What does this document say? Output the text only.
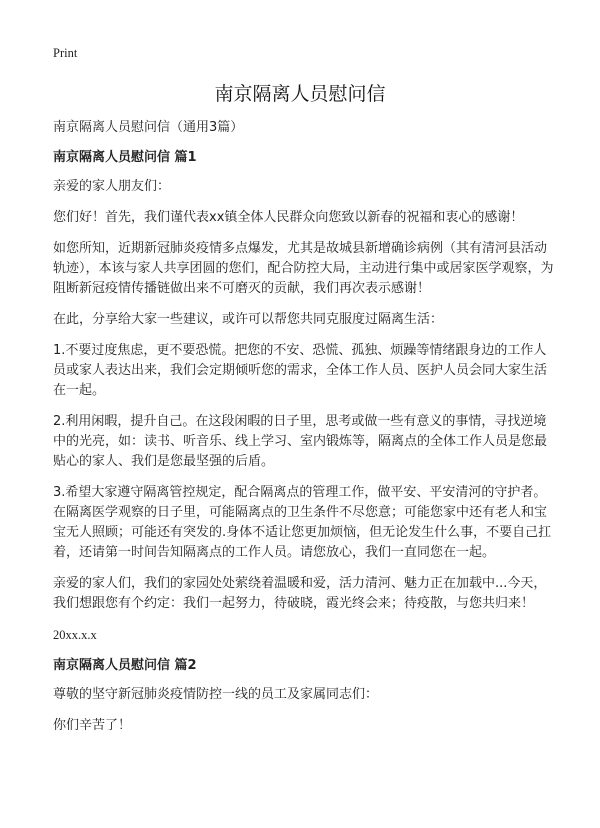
Print
南京隔离人员慰问信

南京隔离人员慰问信（通用3篇）

南京隔离人员慰问信 篇1

亲爱的家人朋友们：

您们好！首先，我们谨代表xx镇全体人民群众向您致以新春的祝福和衷心的感谢！

如您所知，近期新冠肺炎疫情多点爆发，尤其是故城县新增确诊病例（其有清河县活动轨迹），本该与家人共享团圆的您们，配合防控大局，主动进行集中或居家医学观察，为阻断新冠疫情传播链做出来不可磨灭的贡献，我们再次表示感谢！

在此，分享给大家一些建议，或许可以帮您共同克服度过隔离生活：

1.不要过度焦虑，更不要恐慌。把您的不安、恐慌、孤独、烦躁等情绪跟身边的工作人员或家人表达出来，我们会定期倾听您的需求，全体工作人员、医护人员会同大家生活在一起。

2.利用闲暇，提升自己。在这段闲暇的日子里，思考或做一些有意义的事情，寻找逆境中的光亮，如：读书、听音乐、线上学习、室内锻炼等，隔离点的全体工作人员是您最贴心的家人、我们是您最坚强的后盾。

3.希望大家遵守隔离管控规定，配合隔离点的管理工作，做平安、平安清河的守护者。在隔离医学观察的日子里，可能隔离点的卫生条件不尽您意；可能您家中还有老人和宝宝无人照顾；可能还有突发的.身体不适让您更加烦恼，但无论发生什么事，不要自己扛着，还请第一时间告知隔离点的工作人员。请您放心，我们一直同您在一起。

亲爱的家人们，我们的家园处处萦绕着温暖和爱，活力清河、魅力正在加载中...今天，我们想跟您有个约定：我们一起努力，待破晓，霞光终会来；待疫散，与您共归来！

20xx.x.x

南京隔离人员慰问信 篇2

尊敬的坚守新冠肺炎疫情防控一线的员工及家属同志们：

你们辛苦了！
